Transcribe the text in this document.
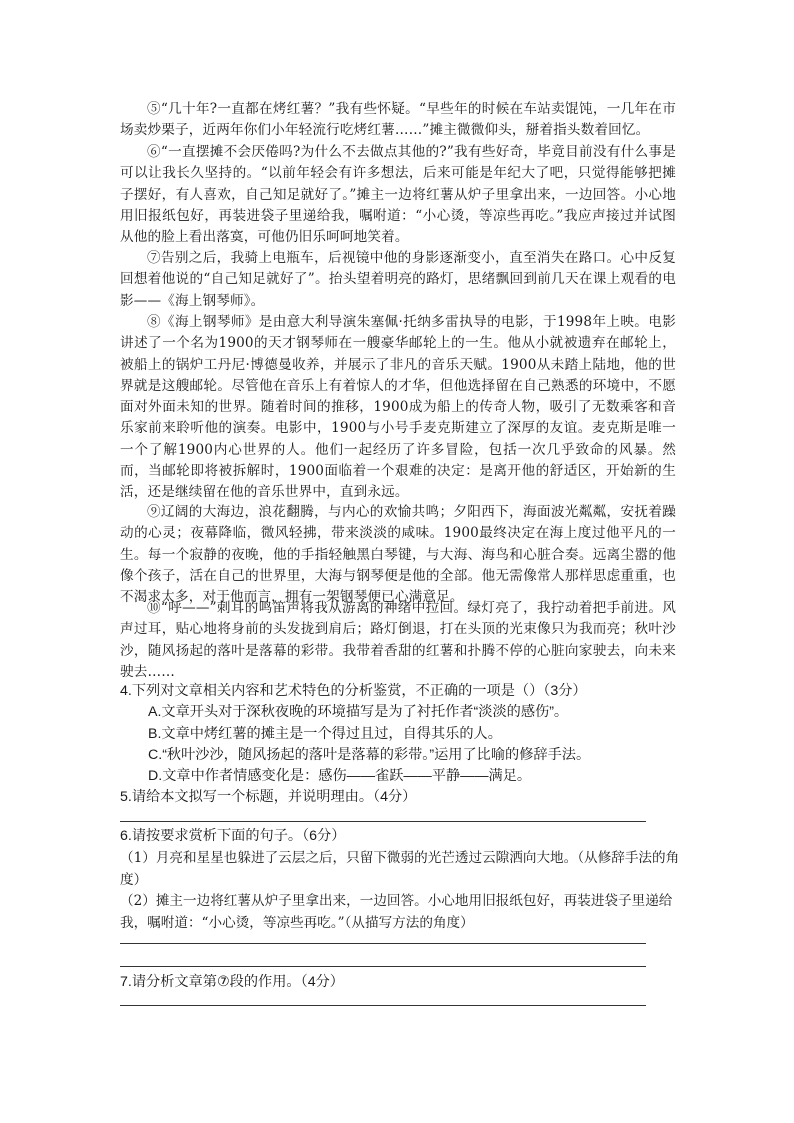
⑤“几十年?一直都在烤红薯？”我有些怀疑。“早些年的时候在车站卖馄饨，一几年在市场卖炒栗子，近两年你们小年轻流行吃烤红薯……”摊主微微仰头，掰着指头数着回忆。

⑥“一直摆摊不会厌倦吗?为什么不去做点其他的?”我有些好奇，毕竟目前没有什么事是可以让我长久坚持的。“以前年轻会有许多想法，后来可能是年纪大了吧，只觉得能够把摊子摆好，有人喜欢，自己知足就好了。”摊主一边将红薯从炉子里拿出来，一边回答。小心地用旧报纸包好，再装进袋子里递给我，嘱咐道：“小心烫，等凉些再吃。”我应声接过并试图从他的脸上看出落寞，可他仍旧乐呵呵地笑着。

⑦告别之后，我骑上电瓶车，后视镜中他的身影逐渐变小，直至消失在路口。心中反复回想着他说的“自己知足就好了”。抬头望着明亮的路灯，思绪飘回到前几天在课上观看的电影——《海上钢琴师》。

⑧《海上钢琴师》是由意大利导演朱塞佩·托纳多雷执导的电影，于1998年上映。电影讲述了一个名为1900的天才钢琴师在一艘豪华邮轮上的一生。他从小就被遗弃在邮轮上，被船上的锅炉工丹尼·博德曼收养，并展示了非凡的音乐天赋。1900从未踏上陆地，他的世界就是这艘邮轮。尽管他在音乐上有着惊人的才华，但他选择留在自己熟悉的环境中，不愿面对外面未知的世界。随着时间的推移，1900成为船上的传奇人物，吸引了无数乘客和音乐家前来聆听他的演奏。电影中，1900与小号手麦克斯建立了深厚的友谊。麦克斯是唯一一个了解1900内心世界的人。他们一起经历了许多冒险，包括一次几乎致命的风暴。然而，当邮轮即将被拆解时，1900面临着一个艰难的决定：是离开他的舒适区，开始新的生活，还是继续留在他的音乐世界中，直到永远。

⑨辽阔的大海边，浪花翻腾，与内心的欢愉共鸣；夕阳西下，海面波光粼粼，安抚着躁动的心灵；夜幕降临，微风轻拂，带来淡淡的咸味。1900最终决定在海上度过他平凡的一生。每一个寂静的夜晚，他的手指轻触黑白琴键，与大海、海鸟和心脏合奏。远离尘嚣的他像个孩子，活在自己的世界里，大海与钢琴便是他的全部。他无需像常人那样思虑重重，也不渴求太多，对于他而言，拥有一架钢琴便已心满意足。

⑩“呼——”刺耳的鸣笛声将我从游离的神绪中拉回。绿灯亮了，我拧动着把手前进。风声过耳，贴心地将身前的头发拢到肩后；路灯倒退，打在头顶的光束像只为我而亮；秋叶沙沙，随风扬起的落叶是落幕的彩带。我带着香甜的红薯和扑腾不停的心脏向家驶去，向未来驶去……

4.下列对文章相关内容和艺术特色的分析鉴赏，不正确的一项是（）（3分）

A.文章开头对于深秋夜晚的环境描写是为了衬托作者“淡淡的感伤”。

B.文章中烤红薯的摊主是一个得过且过，自得其乐的人。

C.“秋叶沙沙，随风扬起的落叶是落幕的彩带。”运用了比喻的修辞手法。

D.文章中作者情感变化是：感伤——雀跃——平静——满足。

5.请给本文拟写一个标题，并说明理由。（4分）

6.请按要求赏析下面的句子。（6分）

（1）月亮和星星也躲进了云层之后，只留下微弱的光芒透过云隙洒向大地。（从修辞手法的角度）

（2）摊主一边将红薯从炉子里拿出来，一边回答。小心地用旧报纸包好，再装进袋子里递给我，嘱咐道：“小心烫，等凉些再吃。”（从描写方法的角度）

7.请分析文章第⑦段的作用。（4分）
